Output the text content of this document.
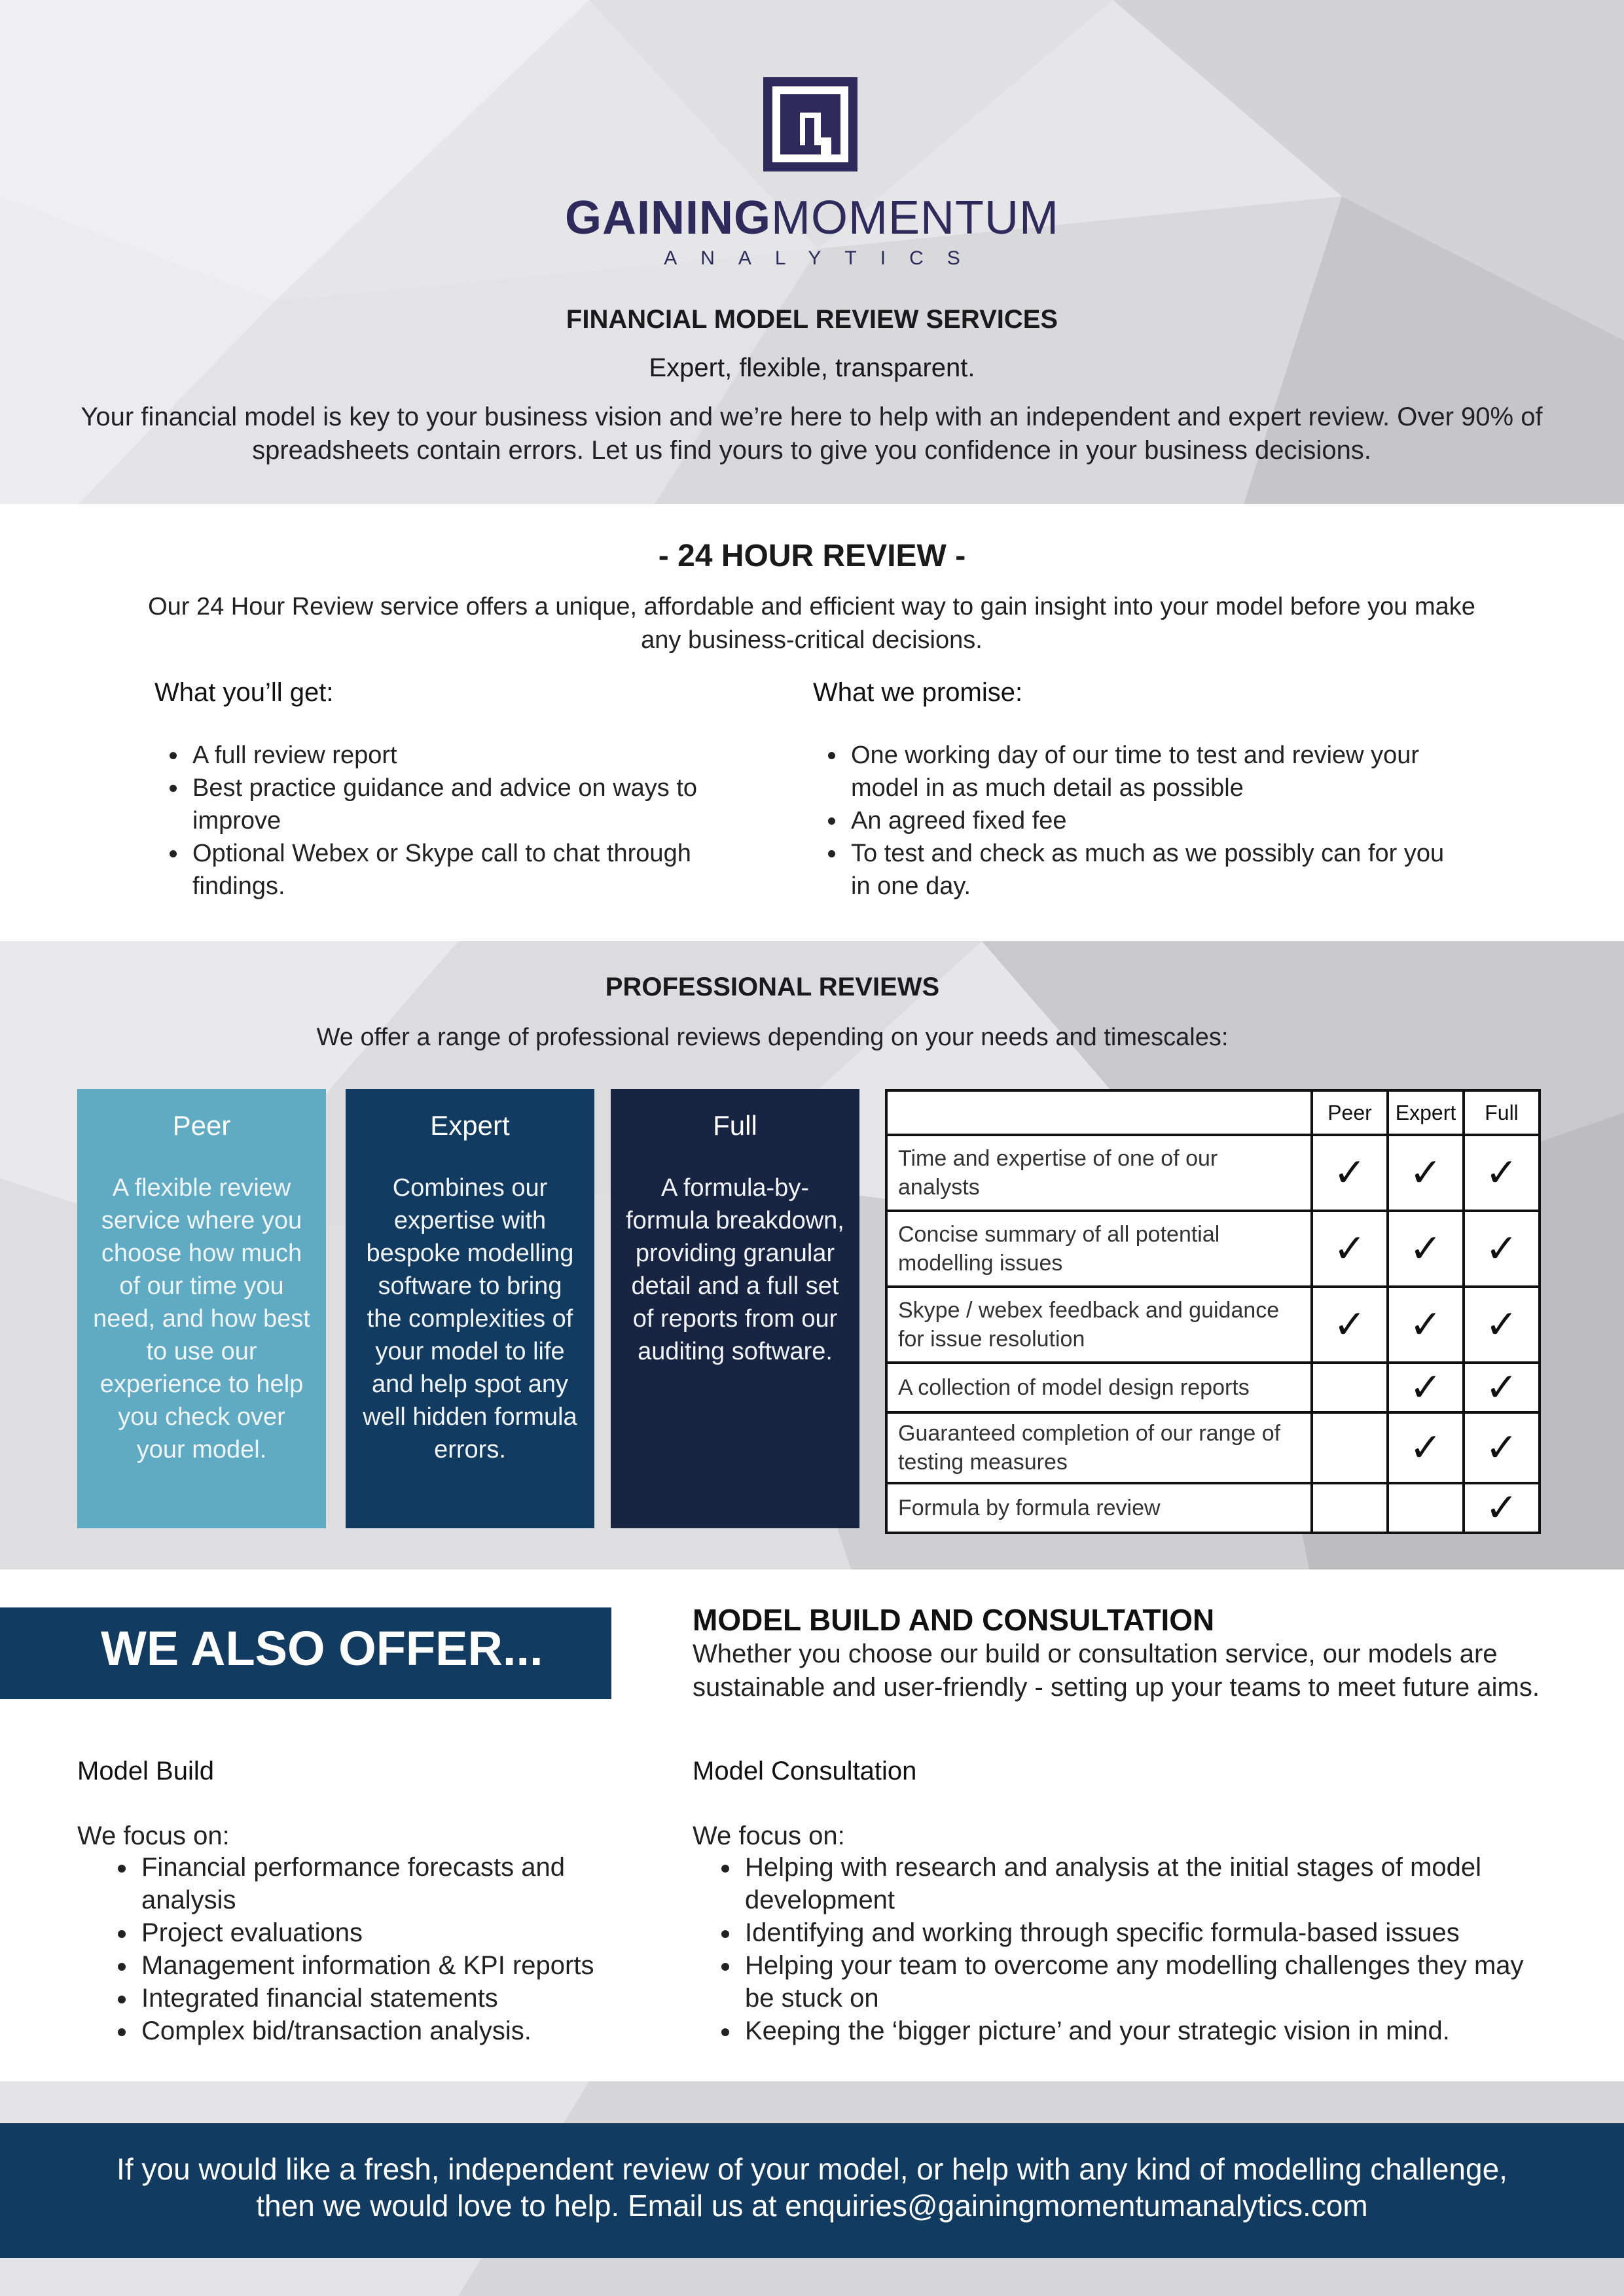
GAININGMOMENTUM
ANALYTICS
FINANCIAL MODEL REVIEW SERVICES
Expert, flexible, transparent.
Your financial model is key to your business vision and we’re here to help with an independent and expert review. Over 90% of spreadsheets contain errors. Let us find yours to give you confidence in your business decisions.
- 24 HOUR REVIEW -
Our 24 Hour Review service offers a unique, affordable and efficient way to gain insight into your model before you make any business-critical decisions.
What you’ll get:
• A full review report
• Best practice guidance and advice on ways to improve
• Optional Webex or Skype call to chat through findings.
What we promise:
• One working day of our time to test and review your model in as much detail as possible
• An agreed fixed fee
• To test and check as much as we possibly can for you in one day.
PROFESSIONAL REVIEWS
We offer a range of professional reviews depending on your needs and timescales:
Peer
A flexible review service where you choose how much of our time you need, and how best to use our experience to help you check over your model.
Expert
Combines our expertise with bespoke modelling software to bring the complexities of your model to life and help spot any well hidden formula errors.
Full
A formula-by-formula breakdown, providing granular detail and a full set of reports from our auditing software.
	Peer	Expert	Full
Time and expertise of one of our analysts	✓	✓	✓
Concise summary of all potential modelling issues	✓	✓	✓
Skype / webex feedback and guidance for issue resolution	✓	✓	✓
A collection of model design reports		✓	✓
Guaranteed completion of our range of testing measures		✓	✓
Formula by formula review			✓
WE ALSO OFFER...
MODEL BUILD AND CONSULTATION
Whether you choose our build or consultation service, our models are sustainable and user-friendly - setting up your teams to meet future aims.
Model Build
We focus on:
• Financial performance forecasts and analysis
• Project evaluations
• Management information & KPI reports
• Integrated financial statements
• Complex bid/transaction analysis.
Model Consultation
We focus on:
• Helping with research and analysis at the initial stages of model development
• Identifying and working through specific formula-based issues
• Helping your team to overcome any modelling challenges they may be stuck on
• Keeping the ‘bigger picture’ and your strategic vision in mind.
If you would like a fresh, independent review of your model, or help with any kind of modelling challenge, then we would love to help. Email us at enquiries@gainingmomentumanalytics.com
